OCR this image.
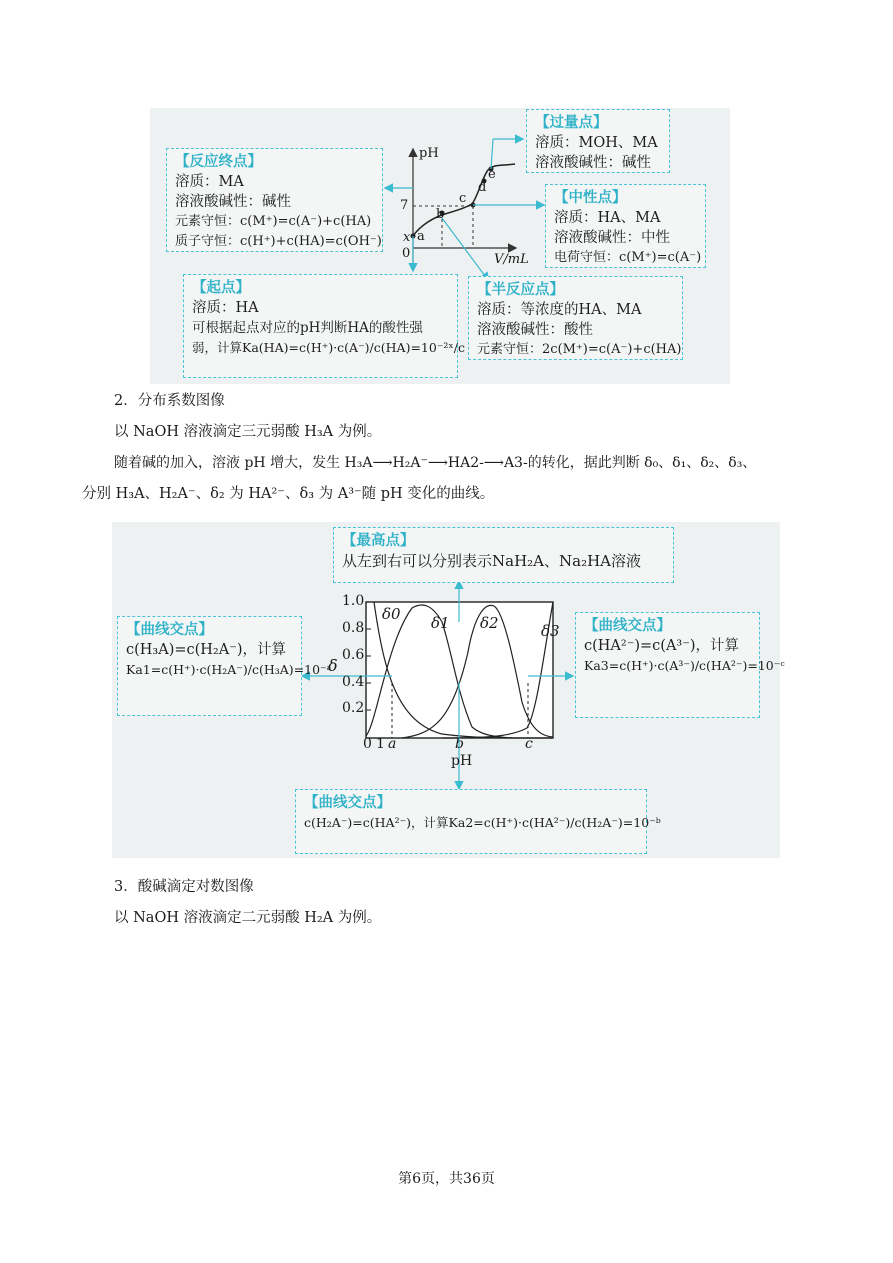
pH
V/mL
7
0
x a
b
c
d
e
【反应终点】
溶质：MA
溶液酸碱性：碱性
元素守恒：c(M⁺)=c(A⁻)+c(HA)
质子守恒：c(H⁺)+c(HA)=c(OH⁻)
【过量点】
溶质：MOH、MA
溶液酸碱性：碱性
【中性点】
溶质：HA、MA
溶液酸碱性：中性
电荷守恒：c(M⁺)=c(A⁻)
【起点】
溶质：HA
可根据起点对应的pH判断HA的酸性强
弱，计算Ka(HA)=c(H⁺)·c(A⁻)/c(HA)=10⁻²ˣ/c
【半反应点】
溶质：等浓度的HA、MA
溶液酸碱性：酸性
元素守恒：2c(M⁺)=c(A⁻)+c(HA)
2．分布系数图像
以 NaOH 溶液滴定三元弱酸 H₃A 为例。
随着碱的加入，溶液 pH 增大，发生 H₃A⟶H₂A⁻⟶HA2-⟶A3-的转化，据此判断 δ₀、δ₁、δ₂、δ₃、
分别 H₃A、H₂A⁻、δ₂ 为 HA²⁻、δ₃ 为 A³⁻随 pH 变化的曲线。
1.0
0.8
0.6
0.4
0.2
δ
0 1 a	b	c
pH
δ0 δ1 δ2	δ3
【最高点】
从左到右可以分别表示NaH₂A、Na₂HA溶液
【曲线交点】
c(H₃A)=c(H₂A⁻)，计算
Ka1=c(H⁺)·c(H₂A⁻)/c(H₃A)=10⁻ᵃ
【曲线交点】
c(HA²⁻)=c(A³⁻)，计算
Ka3=c(H⁺)·c(A³⁻)/c(HA²⁻)=10⁻ᶜ
【曲线交点】
c(H₂A⁻)=c(HA²⁻)，计算Ka2=c(H⁺)·c(HA²⁻)/c(H₂A⁻)=10⁻ᵇ
3．酸碱滴定对数图像
以 NaOH 溶液滴定二元弱酸 H₂A 为例。
第6页，共36页
